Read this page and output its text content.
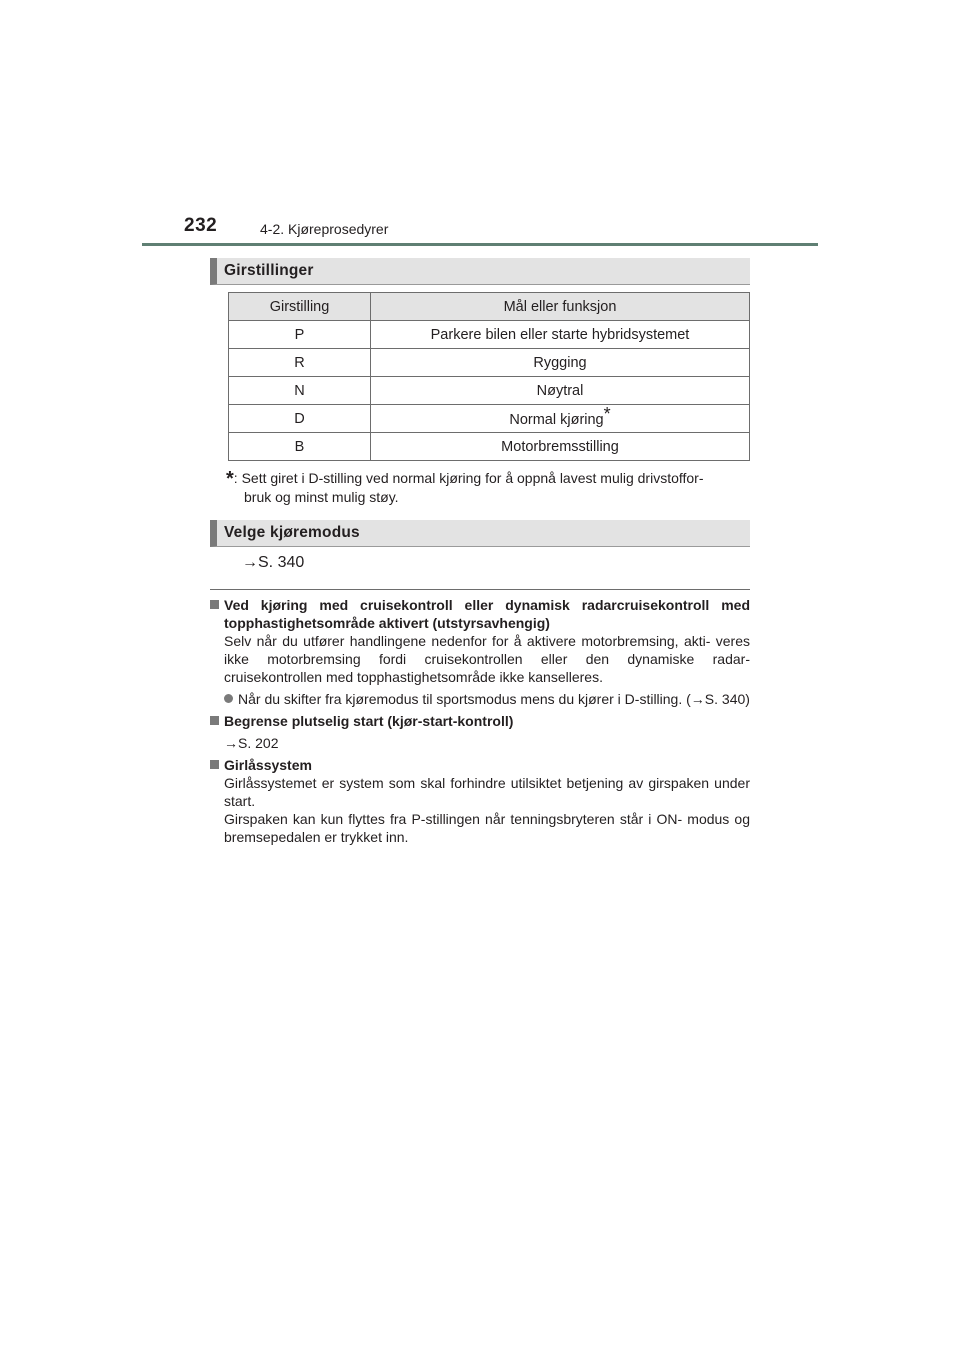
232	4-2. Kjøreprosedyrer
Girstillinger
Girstilling	Mål eller funksjon
P	Parkere bilen eller starte hybridsystemet
R	Rygging
N	Nøytral
D	Normal kjøring*
B	Motorbremsstilling
*: Sett giret i D-stilling ved normal kjøring for å oppnå lavest mulig drivstoffor-
bruk og minst mulig støy.
Velge kjøremodus
→S. 340
Ved kjøring med cruisekontroll eller dynamisk radarcruisekontroll med topphastighetsområde aktivert (utstyrsavhengig)
Selv når du utfører handlingene nedenfor for å aktivere motorbremsing, akti- veres ikke motorbremsing fordi cruisekontrollen eller den dynamiske radar- cruisekontrollen med topphastighetsområde ikke kanselleres.
Når du skifter fra kjøremodus til sportsmodus mens du kjører i D-stilling. (→S. 340)
Begrense plutselig start (kjør-start-kontroll)
→S. 202
Girlåssystem
Girlåssystemet er system som skal forhindre utilsiktet betjening av girspaken under start.
Girspaken kan kun flyttes fra P-stillingen når tenningsbryteren står i ON- modus og bremsepedalen er trykket inn.
